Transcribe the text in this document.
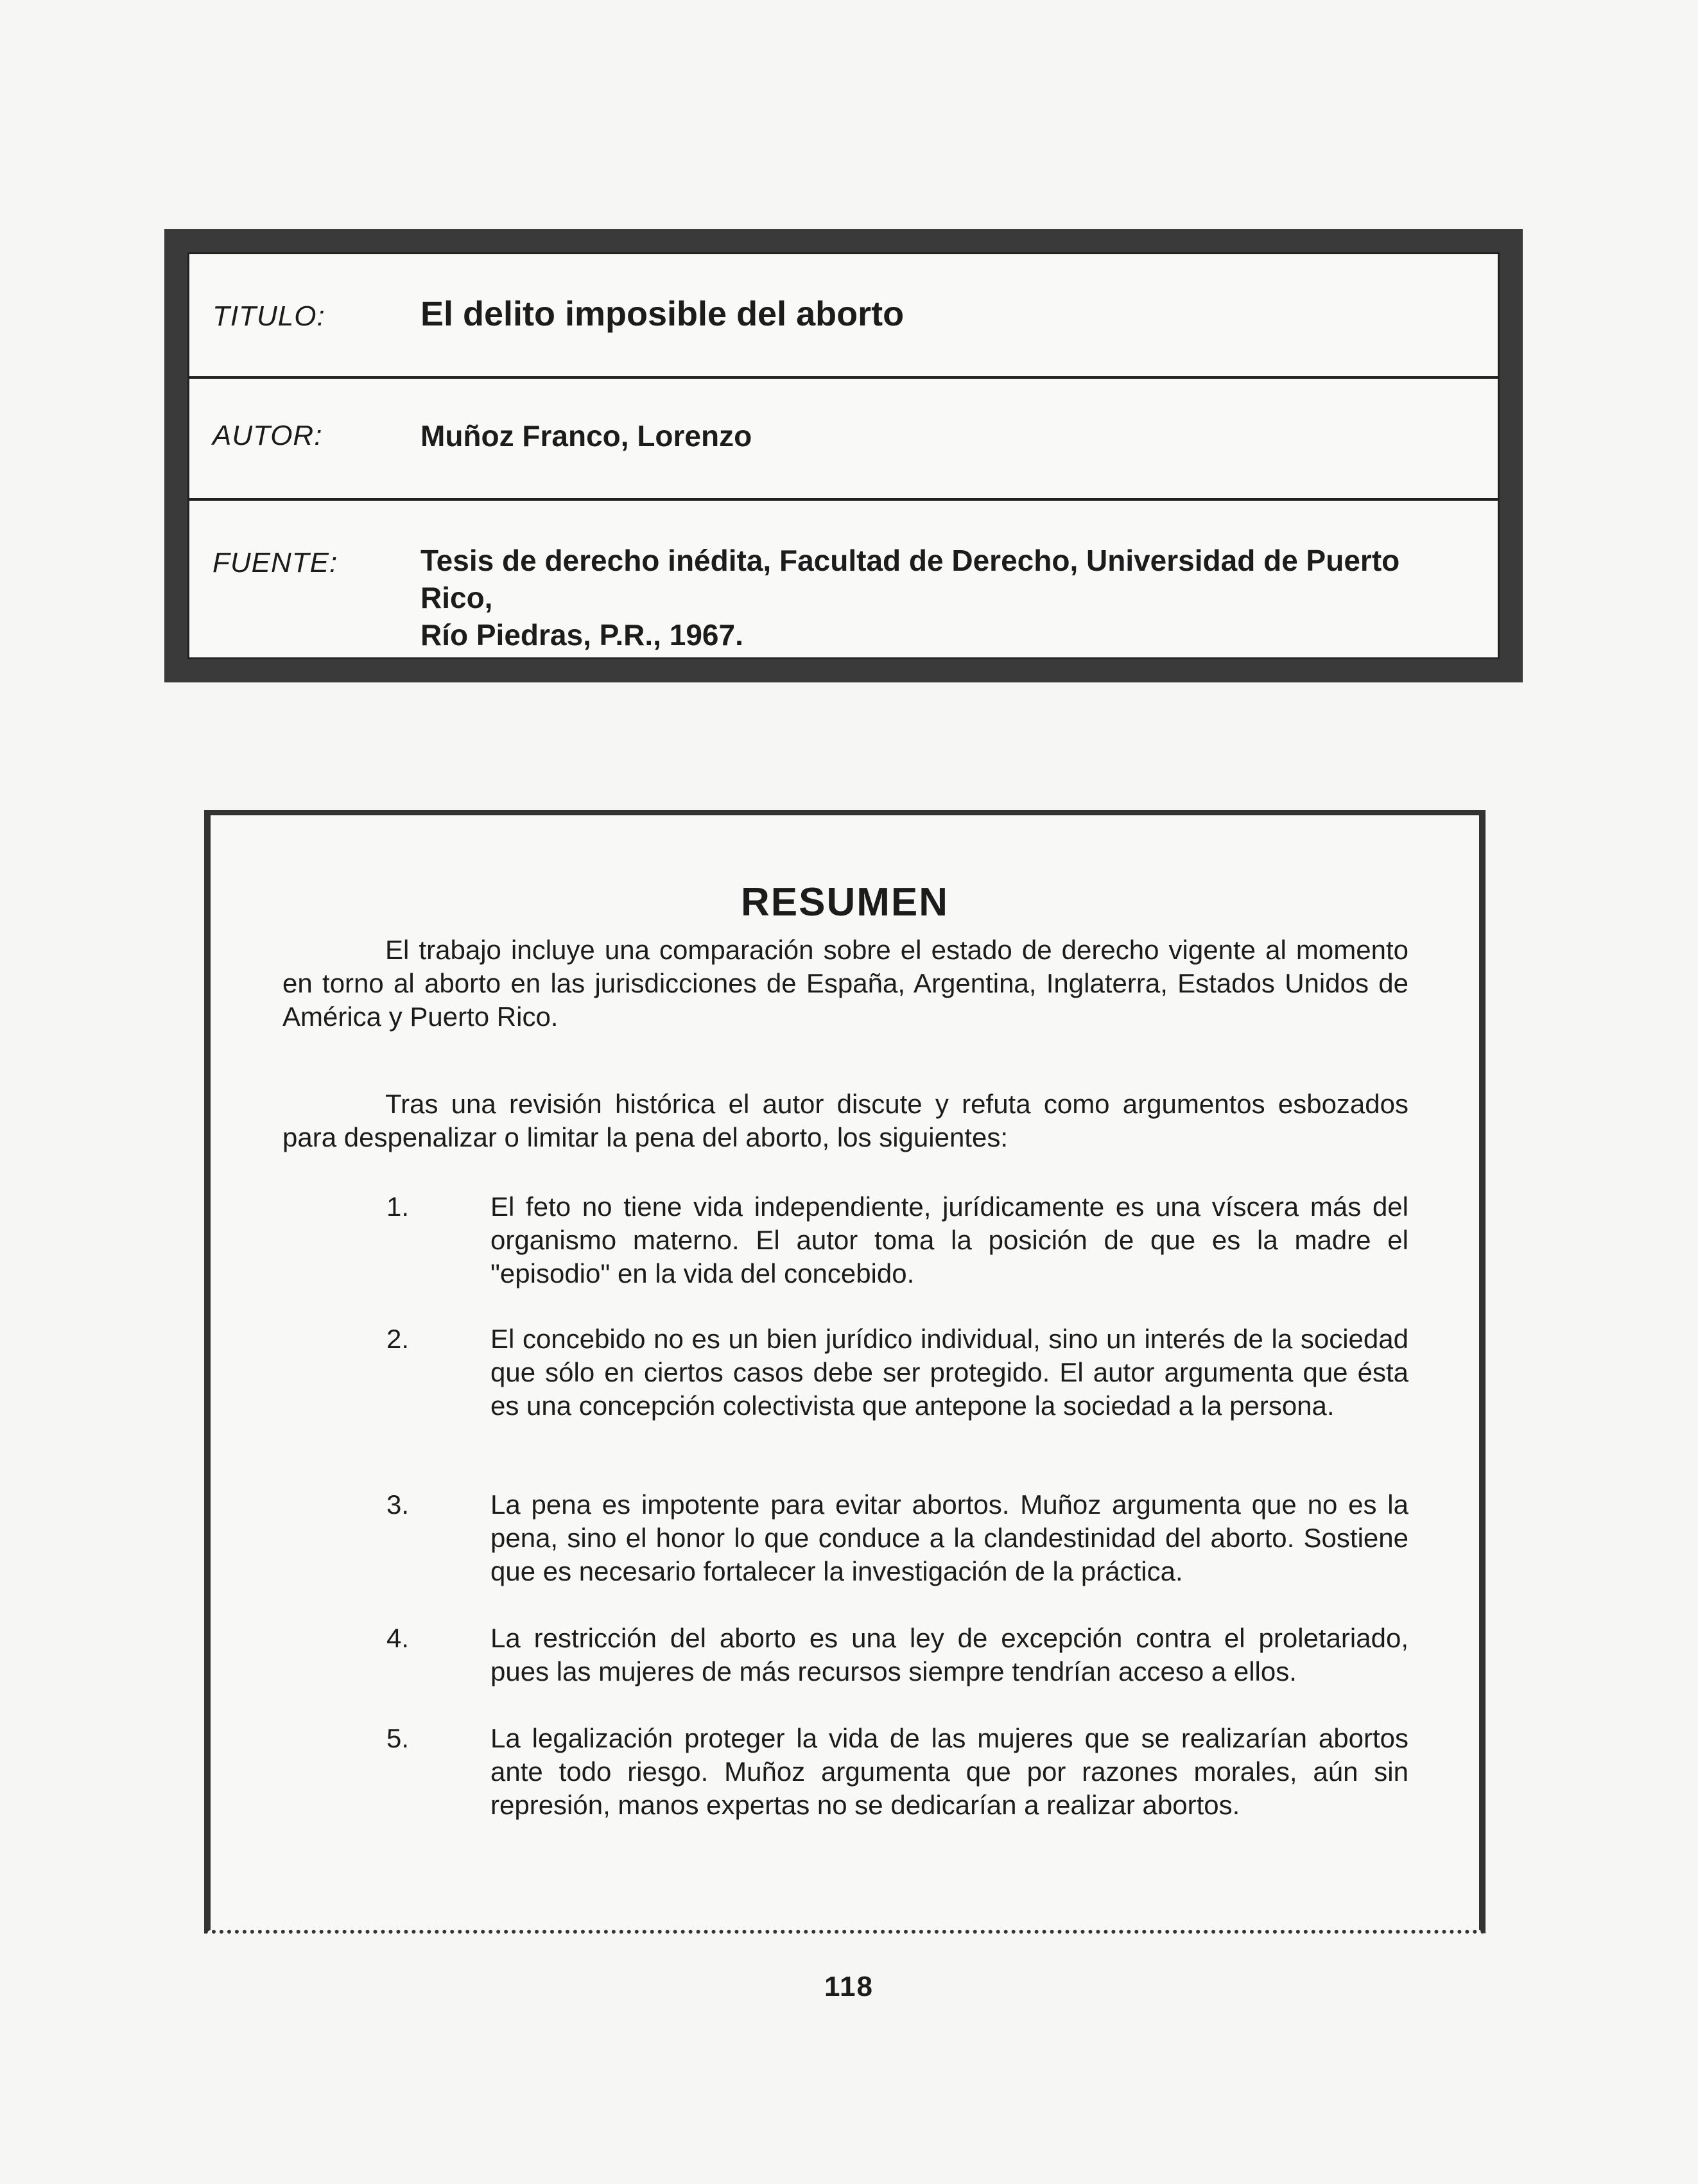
TITULO:	El delito imposible del aborto
AUTOR:	Muñoz Franco, Lorenzo
FUENTE:	Tesis de derecho inédita, Facultad de Derecho, Universidad de Puerto Rico,
Río Piedras, P.R., 1967.
RESUMEN

El trabajo incluye una comparación sobre el estado de derecho vigente al momento en torno al aborto en las jurisdicciones de España, Argentina, Inglaterra, Estados Unidos de América y Puerto Rico.

Tras una revisión histórica el autor discute y refuta como argumentos esbozados para despenalizar o limitar la pena del aborto, los siguientes:

1.	El feto no tiene vida independiente, jurídicamente es una víscera más del organismo materno. El autor toma la posición de que es la madre el "episodio" en la vida del concebido.
2.	El concebido no es un bien jurídico individual, sino un interés de la sociedad que sólo en ciertos casos debe ser protegido. El autor argumenta que ésta es una concepción colectivista que antepone la sociedad a la persona.
3.	La pena es impotente para evitar abortos. Muñoz argumenta que no es la pena, sino el honor lo que conduce a la clandestinidad del aborto. Sostiene que es necesario fortalecer la investigación de la práctica.
4.	La restricción del aborto es una ley de excepción contra el proletariado, pues las mujeres de más recursos siempre tendrían acceso a ellos.
5.	La legalización proteger la vida de las mujeres que se realizarían abortos ante todo riesgo. Muñoz argumenta que por razones morales, aún sin represión, manos expertas no se dedicarían a realizar abortos.
118
